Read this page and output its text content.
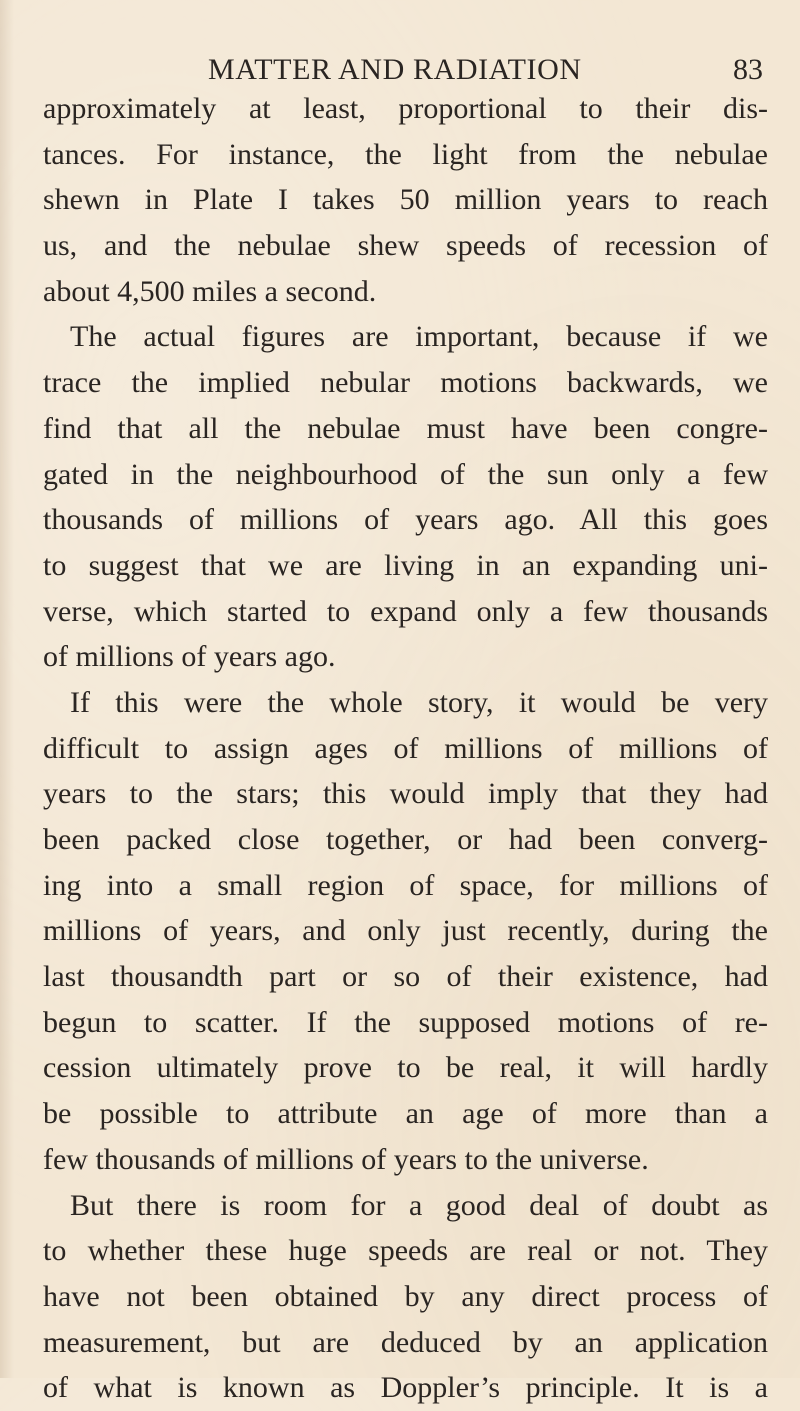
MATTER AND RADIATION	83
approximately at least, proportional to their dis-
tances. For instance, the light from the nebulae
shewn in Plate I takes 50 million years to reach
us, and the nebulae shew speeds of recession of
about 4,500 miles a second.
The actual figures are important, because if we
trace the implied nebular motions backwards, we
find that all the nebulae must have been congre-
gated in the neighbourhood of the sun only a few
thousands of millions of years ago. All this goes
to suggest that we are living in an expanding uni-
verse, which started to expand only a few thousands
of millions of years ago.
If this were the whole story, it would be very
difficult to assign ages of millions of millions of
years to the stars; this would imply that they had
been packed close together, or had been converg-
ing into a small region of space, for millions of
millions of years, and only just recently, during the
last thousandth part or so of their existence, had
begun to scatter. If the supposed motions of re-
cession ultimately prove to be real, it will hardly
be possible to attribute an age of more than a
few thousands of millions of years to the universe.
But there is room for a good deal of doubt as
to whether these huge speeds are real or not. They
have not been obtained by any direct process of
measurement, but are deduced by an application
of what is known as Doppler’s principle. It is a
